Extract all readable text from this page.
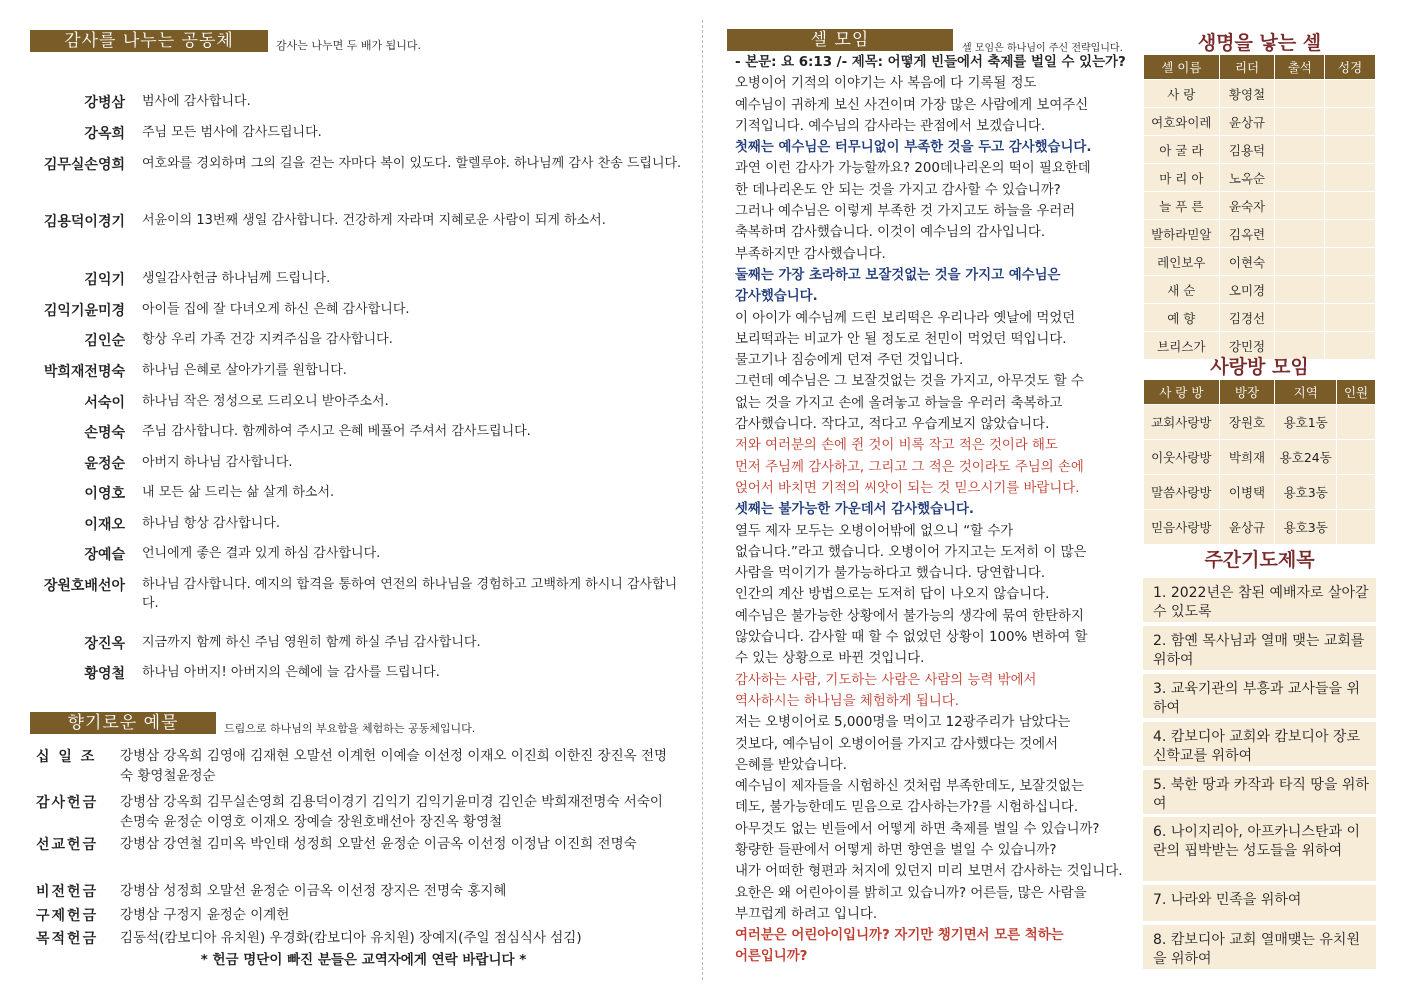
감사를 나누는 공동체	감사는 나누면 두 배가 됩니다.
강병삼 범사에 감사합니다.
강옥희 주님 모든 범사에 감사드립니다.
김무실손영희 여호와를 경외하며 그의 길을 걷는 자마다 복이 있도다. 할렐루야. 하나님께 감사 찬송 드립니다.
김용덕이경기 서윤이의 13번째 생일 감사합니다. 건강하게 자라며 지혜로운 사람이 되게 하소서.
김익기 생일감사헌금 하나님께 드립니다.
김익기윤미경 아이들 집에 잘 다녀오게 하신 은혜 감사합니다.
김인순 항상 우리 가족 건강 지켜주심을 감사합니다.
박희재전명숙 하나님 은혜로 살아가기를 원합니다.
서숙이 하나님 작은 정성으로 드리오니 받아주소서.
손명숙 주님 감사합니다. 함께하여 주시고 은혜 베풀어 주셔서 감사드립니다.
윤정순 아버지 하나님 감사합니다.
이영호 내 모든 삶 드리는 삶 살게 하소서.
이재오 하나님 항상 감사합니다.
장예슬 언니에게 좋은 결과 있게 하심 감사합니다.
장원호배선아 하나님 감사합니다. 예지의 합격을 통하여 연전의 하나님을 경험하고 고백하게 하시니 감사합니다.
장진옥 지금까지 함께 하신 주님 영원히 함께 하실 주님 감사합니다.
황영철 하나님 아버지! 아버지의 은혜에 늘 감사를 드립니다.
향기로운 예물	드림으로 하나님의 부요함을 체험하는 공동체입니다.
십 일 조	강병삼 강옥희 김영애 김재현 오말선 이계헌 이예슬 이선정 이재오 이진희 이한진 장진옥 전명숙 황영철윤정순
감사헌금	강병삼 강옥희 김무실손영희 김용덕이경기 김익기 김익기윤미경 김인순 박희재전명숙 서숙이 손명숙 윤정순 이영호 이재오 장예슬 장원호배선아 장진옥 황영철
선교헌금	강병삼 강연철 김미옥 박인태 성정희 오말선 윤정순 이금옥 이선정 이정남 이진희 전명숙
비전헌금	강병삼 성정희 오말선 윤정순 이금옥 이선정 장지은 전명숙 홍지혜
구제헌금	강병삼 구정지 윤정순 이계헌
목적헌금	김동석(캄보디아 유치원) 우경화(캄보디아 유치원) 장예지(주일 점심식사 섬김)
* 헌금 명단이 빠진 분들은 교역자에게 연락 바랍니다 *
셀 모임	셀 모임은 하나님이 주신 전략입니다.

- 본문: 요 6:13 /- 제목: 어떻게 빈들에서 축제를 벌일 수 있는가?

오병이어 기적의 이야기는 사 복음에 다 기록될 정도

예수님이 귀하게 보신 사건이며 가장 많은 사람에게 보여주신

기적입니다. 예수님의 감사라는 관점에서 보겠습니다.

첫째는 예수님은 터무니없이 부족한 것을 두고 감사했습니다.

과연 이런 감사가 가능할까요? 200데나리온의 떡이 필요한데

한 데나리온도 안 되는 것을 가지고 감사할 수 있습니까?

그러나 예수님은 이렇게 부족한 것 가지고도 하늘을 우러러

축복하며 감사했습니다. 이것이 예수님의 감사입니다.

부족하지만 감사했습니다.

둘째는 가장 초라하고 보잘것없는 것을 가지고 예수님은

감사했습니다.

이 아이가 예수님께 드린 보리떡은 우리나라 옛날에 먹었던

보리떡과는 비교가 안 될 정도로 천민이 먹었던 떡입니다.

물고기나 짐승에게 던져 주던 것입니다.

그런데 예수님은 그 보잘것없는 것을 가지고, 아무것도 할 수

없는 것을 가지고 손에 올려놓고 하늘을 우러러 축복하고

감사했습니다. 작다고, 적다고 우습게보지 않았습니다.

저와 여러분의 손에 쥔 것이 비록 작고 적은 것이라 해도

먼저 주님께 감사하고, 그리고 그 적은 것이라도 주님의 손에

얹어서 바치면 기적의 씨앗이 되는 것 믿으시기를 바랍니다.

셋째는 불가능한 가운데서 감사했습니다.

열두 제자 모두는 오병이어밖에 없으니 “할 수가

없습니다.”라고 했습니다. 오병이어 가지고는 도저히 이 많은

사람을 먹이기가 불가능하다고 했습니다. 당연합니다.

인간의 계산 방법으로는 도저히 답이 나오지 않습니다.

예수님은 불가능한 상황에서 불가능의 생각에 묶여 한탄하지

않았습니다. 감사할 때 할 수 없었던 상황이 100% 변하여 할

수 있는 상황으로 바뀐 것입니다.

감사하는 사람, 기도하는 사람은 사람의 능력 밖에서

역사하시는 하나님을 체험하게 됩니다.

저는 오병이어로 5,000명을 먹이고 12광주리가 남았다는

것보다, 예수님이 오병이어를 가지고 감사했다는 것에서

은혜를 받았습니다.

예수님이 제자들을 시험하신 것처럼 부족한데도, 보잘것없는

데도, 불가능한데도 믿음으로 감사하는가?를 시험하십니다.

아무것도 없는 빈들에서 어떻게 하면 축제를 벌일 수 있습니까?

황량한 들판에서 어떻게 하면 향연을 벌일 수 있습니까?

내가 어떠한 형편과 처지에 있던지 미리 보면서 감사하는 것입니다.

요한은 왜 어린아이를 밝히고 있습니까? 어른들, 많은 사람을

부끄럽게 하려고 입니다.

여러분은 어린아이입니까? 자기만 챙기면서 모른 척하는

어른입니까?

생명을 낳는 셀
셀 이름	리더	출석	성경
사 랑	황영철		
여호와이레	윤상규		
아 굴 라	김용덕		
마 리 아	노옥순		
늘 푸 른	윤숙자		
발하라믿알	김옥련		
레인보우	이현숙		
새 순	오미경		
예 향	김경선		
브리스가	강민정		
사랑방 모임
사 랑 방	방장	지역	인원
교회사랑방	장원호	용호1동	
이웃사랑방	박희재	용호24동	
말씀사랑방	이병택	용호3동	
믿음사랑방	윤상규	용호3동	
주간기도제목
1. 2022년은 참된 예배자로 살아갈 수 있도록
2. 함옌 목사님과 열매 맺는 교회를 위하여
3. 교육기관의 부흥과 교사들을 위하여
4. 캄보디아 교회와 캄보디아 장로신학교를 위하여
5. 북한 땅과 카작과 타직 땅을 위하여
6. 나이지리아, 아프카니스탄과 이란의 핍박받는 성도들을 위하여
7. 나라와 민족을 위하여
8. 캄보디아 교회 열매맺는 유치원을 위하여
